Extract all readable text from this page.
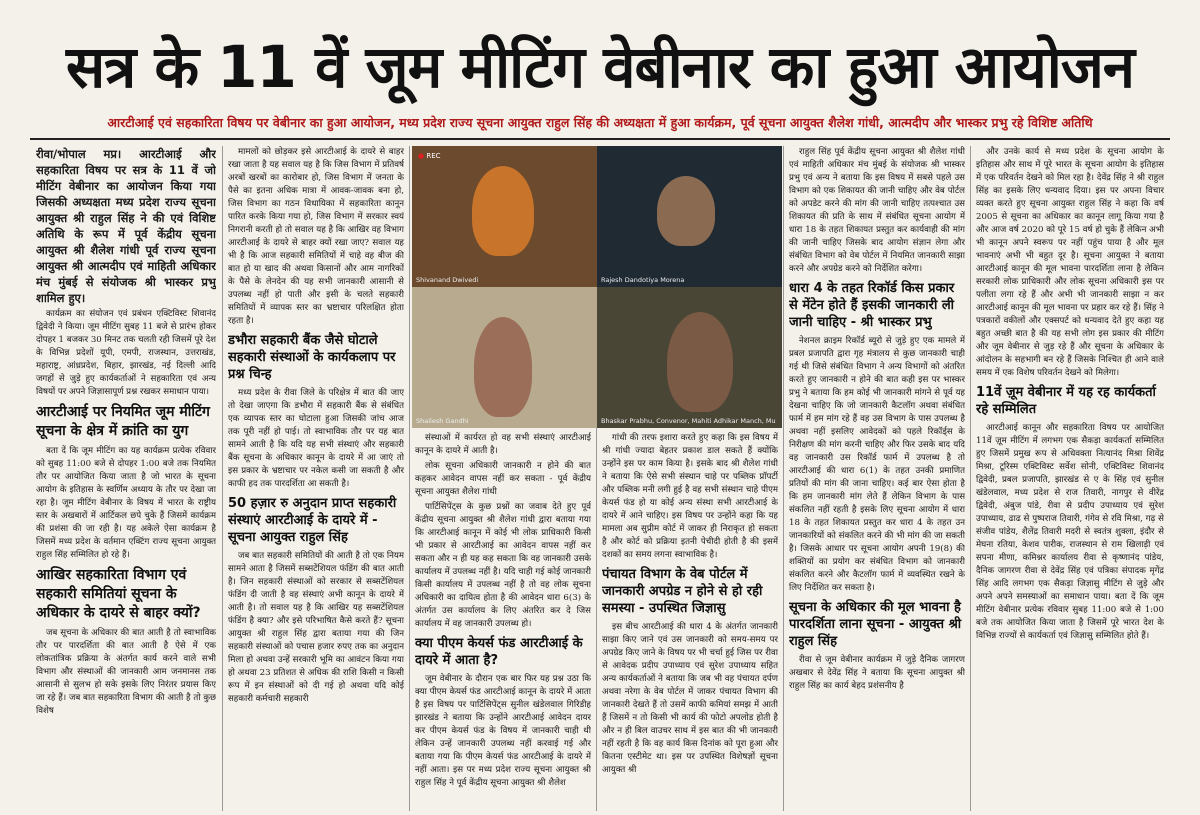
सत्र के 11 वें जूम मीटिंग वेबीनार का हुआ आयोजन
आरटीआई एवं सहकारिता विषय पर वेबीनार का हुआ आयोजन, मध्य प्रदेश राज्य सूचना आयुक्त राहुल सिंह की अध्यक्षता में हुआ कार्यक्रम, पूर्व सूचना आयुक्त शैलेश गांधी, आत्मदीप और भास्कर प्रभु रहे विशिष्ट अतिथि

रीवा/भोपाल मप्र। आरटीआई और सहकारिता विषय पर सत्र के 11 वें जो मीटिंग वेबीनार का आयोजन किया गया जिसकी अध्यक्षता मध्य प्रदेश राज्य सूचना आयुक्त श्री राहुल सिंह ने की एवं विशिष्ट अतिथि के रूप में पूर्व केंद्रीय सूचना आयुक्त श्री शैलेश गांधी पूर्व राज्य सूचना आयुक्त श्री आत्मदीप एवं माहिती अधिकार मंच मुंबई से संयोजक श्री भास्कर प्रभु शामिल हुए।

कार्यक्रम का संयोजन एवं प्रबंधन एक्टिविस्ट शिवानंद द्विवेदी ने किया। जूम मीटिंग सुबह 11 बजे से प्रारंभ होकर दोपहर 1 बजकर 30 मिनट तक चलती रही जिसमें पूरे देश के विभिन्न प्रदेशों यूपी, एमपी, राजस्थान, उत्तराखंड, महाराष्ट्र, आंध्रप्रदेश, बिहार, झारखंड, नई दिल्ली आदि जगहों से जुड़े हुए कार्यकर्ताओं ने सहकारिता एवं अन्य विषयों पर अपने जिज्ञासापूर्ण प्रश्न रखकर समाधान पाया।

आरटीआई पर नियमित जूम मीटिंग सूचना के क्षेत्र में क्रांति का युग

बता दें कि जूम मीटिंग का यह कार्यक्रम प्रत्येक रविवार को सुबह 11:00 बजे से दोपहर 1:00 बजे तक नियमित तौर पर आयोजित किया जाता है जो भारत के सूचना आयोग के इतिहास के स्वर्णिम अध्याय के तौर पर देखा जा रहा है। जूम मीटिंग वेबीनार के विषय में भारत के राष्ट्रीय स्तर के अखबारों में आर्टिकल छपे चुके हैं जिसमें कार्यक्रम की प्रशंसा की जा रही है। यह अकेले ऐसा कार्यक्रम है जिसमें मध्य प्रदेश के वर्तमान एक्टिंग राज्य सूचना आयुक्त राहुल सिंह सम्मिलित हो रहे हैं।

आखिर सहकारिता विभाग एवं सहकारी समितियां सूचना के अधिकार के दायरे से बाहर क्यों?

जब सूचना के अधिकार की बात आती है तो स्वाभाविक तौर पर पारदर्शिता की बात आती है ऐसे में एक लोकतांत्रिक प्रक्रिया के अंतर्गत कार्य करने वाले सभी विभाग और संस्थाओं की जानकारी आम जनमानस तक आसानी से सुलभ हो सके इसके लिए निरंतर प्रयास किए जा रहे हैं। जब बात सहकारिता विभाग की आती है तो कुछ विशेष

मामलों को छोड़कर इसे आरटीआई के दायरे से बाहर रखा जाता है यह सवाल यह है कि जिस विभाग में प्रतिवर्ष अरबों खरबों का कारोबार हो, जिस विभाग में जनता के पैसे का इतना अधिक मात्रा में आवक-जावक बना हो, जिस विभाग का गठन विधायिका में सहकारिता कानून पारित करके किया गया हो, जिस विभाग में सरकार स्वयं निगरानी करती हो तो सवाल यह है कि आखिर वह विभाग आरटीआई के दायरे से बाहर क्यों रखा जाए? सवाल यह भी है कि आज सहकारी समितियों में चाहे वह बीज की बात हो या खाद की अथवा किसानों और आम नागरिकों के पैसे के लेनदेन की यह सभी जानकारी आसानी से उपलब्ध नहीं हो पाती और इसी के चलते सहकारी समितियों में व्यापक स्तर का भ्रष्टाचार परिलक्षित होता रहता है।

डभौरा सहकारी बैंक जैसे घोटाले सहकारी संस्थाओं के कार्यकलाप पर प्रश्न चिन्ह

मध्य प्रदेश के रीवा जिले के परिक्षेत्र में बात की जाए तो देखा जाएगा कि डभौरा में सहकारी बैंक से संबंधित एक व्यापक स्तर का घोटाला हुआ जिसकी जांच आज तक पूरी नहीं हो पाई। तो स्वाभाविक तौर पर यह बात सामने आती है कि यदि यह सभी संस्थाएं और सहकारी बैंक सूचना के अधिकार कानून के दायरे में आ जाएं तो इस प्रकार के भ्रष्टाचार पर नकेल कसी जा सकती है और काफी हद तक पारदर्शिता आ सकती है।

50 हज़ार रु अनुदान प्राप्त सहकारी संस्थाएं आरटीआई के दायरे में - सूचना आयुक्त राहुल सिंह

जब बात सहकारी समितियों की आती है तो एक नियम सामने आता है जिसमें सब्सटेंशियल फंडिंग की बात आती है। जिन सहकारी संस्थाओं को सरकार से सब्सटेंशियल फंडिंग दी जाती है वह संस्थाएं अभी कानून के दायरे में आती है। तो सवाल यह है कि आखिर यह सब्सटेंशियल फंडिंग है क्या? और इसे परिभाषित कैसे करते हैं? सूचना आयुक्त श्री राहुल सिंह द्वारा बताया गया की जिन सहकारी संस्थाओं को पचास हजार रुपए तक का अनुदान मिला हो अथवा उन्हें सरकारी भूमि का आवंटन किया गया हो अथवा 23 प्रतिशत से अधिक की राशि किसी न किसी रूप में इन संस्थाओं को दी गई हो अथवा यदि कोई सहकारी कर्मचारी सहकारी

● REC
Shivanand Dwivedi	Rajesh Dandotiya Morena
Shailesh Gandhi	Bhaskar Prabhu, Convenor, Mahiti Adhikar Manch, Mu

संस्थाओं में कार्यरत हो वह सभी संस्थाएं आरटीआई कानून के दायरे में आती है।

लोक सूचना अधिकारी जानकारी न होने की बात कहकर आवेदन वापस नहीं कर सकता - पूर्व केंद्रीय सूचना आयुक्त शैलेश गांधी

पार्टिसिपेंट्स के कुछ प्रश्नों का जवाब देते हुए पूर्व केंद्रीय सूचना आयुक्त श्री शैलेश गांधी द्वारा बताया गया कि आरटीआई कानून में कोई भी लोक प्राधिकारी किसी भी प्रकार से आरटीआई का आवेदन वापस नहीं कर सकता और न ही यह कह सकता कि वह जानकारी उसके कार्यालय में उपलब्ध नहीं है। यदि चाही गई कोई जानकारी किसी कार्यालय में उपलब्ध नहीं है तो वह लोक सूचना अधिकारी का दायित्व होता है की आवेदन धारा 6(3) के अंतर्गत उस कार्यालय के लिए अंतरित कर दे जिस कार्यालय में वह जानकारी उपलब्ध हो।

क्या पीएम केयर्स फंड आरटीआई के दायरे में आता है?

जूम वेबीनार के दौरान एक बार फिर यह प्रश्न उठा कि क्या पीएम केयर्स फंड आरटीआई कानून के दायरे में आता है इस विषय पर पार्टिसिपेंट्स सुनील खंडेलवाल गिरिडीह झारखंड ने बताया कि उन्होंने आरटीआई आवेदन दायर कर पीएम केयर्स फंड के विषय में जानकारी चाही थी लेकिन उन्हें जानकारी उपलब्ध नहीं करवाई गई और बताया गया कि पीएम केयर्स फंड आरटीआई के दायरे में नहीं आता। इस पर मध्य प्रदेश राज्य सूचना आयुक्त श्री राहुल सिंह ने पूर्व केंद्रीय सूचना आयुक्त श्री शैलेश

गांधी की तरफ इशारा करते हुए कहा कि इस विषय में श्री गांधी ज्यादा बेहतर प्रकाश डाल सकते हैं क्योंकि उन्होंने इस पर काम किया है। इसके बाद श्री शैलेश गांधी ने बताया कि ऐसे सभी संस्थान चाहे पर पब्लिक प्रॉपर्टी और पब्लिक मनी लगी हुई है वह सभी संस्थान चाहे पीएम केयर्स फंड हो या कोई अन्य संस्था सभी आरटीआई के दायरे में आने चाहिए। इस विषय पर उन्होंने कहा कि यह मामला अब सुप्रीम कोर्ट में जाकर ही निराकृत हो सकता है और कोर्ट को प्रक्रिया इतनी पेचीदी होती है की इसमें दशकों का समय लगना स्वाभाविक है।

पंचायत विभाग के वेब पोर्टल में जानकारी अपग्रेड न होने से हो रही समस्या - उपस्थित जिज्ञासु

इस बीच आरटीआई की धारा 4 के अंतर्गत जानकारी साझा किए जाने एवं उस जानकारी को समय-समय पर अपग्रेड किए जाने के विषय पर भी चर्चा हुई जिस पर रीवा से आवेदक प्रदीप उपाध्याय एवं सुरेश उपाध्याय सहित अन्य कार्यकर्ताओं ने बताया कि जब भी वह पंचायत दर्पण अथवा नरेगा के वेब पोर्टल में जाकर पंचायत विभाग की जानकारी देखते हैं तो उसमें काफी कमियां समझ में आती हैं जिसमें न तो किसी भी कार्य की फोटो अपलोड होती है और न ही बिल वाउचर साथ में इस बात की भी जानकारी नहीं रहती है कि वह कार्य किस दिनांक को पूरा हुआ और कितना एस्टीमेट था। इस पर उपस्थित विशेषज्ञों सूचना आयुक्त श्री

राहुल सिंह पूर्व केंद्रीय सूचना आयुक्त श्री शैलेश गांधी एवं माहिती अधिकार मंच मुंबई के संयोजक श्री भास्कर प्रभु एवं अन्य ने बताया कि इस विषय में सबसे पहले उस विभाग को एक शिकायत की जानी चाहिए और वेब पोर्टल को अपडेट करने की मांग की जानी चाहिए तत्पश्चात उस शिकायत की प्रति के साथ में संबंधित सूचना आयोग में धारा 18 के तहत शिकायत प्रस्तुत कर कार्यवाही की मांग की जानी चाहिए जिसके बाद आयोग संज्ञान लेगा और संबंधित विभाग को वेब पोर्टल में नियमित जानकारी साझा करने और अपग्रेड करने को निर्देशित करेगा।

धारा 4 के तहत रिकॉर्ड किस प्रकार से मेंटेन होते हैं इसकी जानकारी ली जानी चाहिए - श्री भास्कर प्रभु

नेशनल क्राइम रिकॉर्ड ब्यूरो से जुड़े हुए एक मामले में प्रबल प्रजापति द्वारा गृह मंत्रालय से कुछ जानकारी चाही गई थी जिसे संबंधित विभाग ने अन्य विभागों को अंतरित करते हुए जानकारी न होने की बात कही इस पर भास्कर प्रभु ने बताया कि हम कोई भी जानकारी मांगने से पूर्व यह देखना चाहिए कि जो जानकारी कैटलॉग अथवा संबंधित फार्म में हम मांग रहे हैं वह उस विभाग के पास उपलब्ध है अथवा नहीं इसलिए आवेदकों को पहले रिकॉर्ड्स के निरीक्षण की मांग करनी चाहिए और फिर उसके बाद यदि वह जानकारी उस रिकॉर्ड फार्म में उपलब्ध है तो आरटीआई की धारा 6(1) के तहत उनकी प्रमाणित प्रतियों की मांग की जाना चाहिए। कई बार ऐसा होता है कि हम जानकारी मांग लेते हैं लेकिन विभाग के पास संकलित नहीं रहती है इसके लिए सूचना आयोग में धारा 18 के तहत शिकायत प्रस्तुत कर धारा 4 के तहत उन जानकारियों को संकलित करने की भी मांग की जा सकती है। जिसके आधार पर सूचना आयोग अपनी 19(8) की शक्तियों का प्रयोग कर संबंधित विभाग को जानकारी संकलित करने और कैटलॉग फार्म में व्यवस्थित रखने के लिए निर्देशित कर सकता है।

सूचना के अधिकार की मूल भावना है पारदर्शिता लाना सूचना - आयुक्त श्री राहुल सिंह

रीवा से जूम वेबीनार कार्यक्रम में जुड़े दैनिक जागरण अखबार से देवेंद्र सिंह ने बताया कि सूचना आयुक्त श्री राहुल सिंह का कार्य बेहद प्रशंसनीय है

और उनके कार्य से मध्य प्रदेश के सूचना आयोग के इतिहास और साथ में पूरे भारत के सूचना आयोग के इतिहास में एक परिवर्तन देखने को मिल रहा है। देवेंद्र सिंह ने श्री राहुल सिंह का इसके लिए धन्यवाद दिया। इस पर अपना विचार व्यक्त करते हुए सूचना आयुक्त राहुल सिंह ने कहा कि वर्ष 2005 से सूचना का अधिकार का कानून लागू किया गया है और आज वर्ष 2020 को पूरे 15 वर्ष हो चुके हैं लेकिन अभी भी कानून अपने स्वरूप पर नहीं पहुंच पाया है और मूल भावनाएं अभी भी बहुत दूर है। सूचना आयुक्त ने बताया आरटीआई कानून की मूल भावना पारदर्शिता लाना है लेकिन सरकारी लोक प्राधिकारी और लोक सूचना अधिकारी इस पर पलीता लगा रहे हैं और अभी भी जानकारी साझा न कर आरटीआई कानून की मूल भावना पर प्रहार कर रहे हैं। सिंह ने पत्रकारों वकीलों और एक्सपर्ट को धन्यवाद देते हुए कहा यह बहुत अच्छी बात है की यह सभी लोग इस प्रकार की मीटिंग और जूम वेबीनार से जुड़ रहे हैं और सूचना के अधिकार के आंदोलन के सहभागी बन रहे हैं जिसके निश्चित ही आने वाले समय में एक विशेष परिवर्तन देखने को मिलेगा।

11वें ज़ूम वेबीनार में यह रह कार्यकर्ता रहे सम्मिलित

आरटीआई कानून और सहकारिता विषय पर आयोजित 11वें ज़ूम मीटिंग में लगभग एक सैकड़ा कार्यकर्ता सम्मिलित हुए जिसमें प्रमुख रूप से अधिवक्ता नित्यानंद मिश्रा शिवेंद्र मिश्रा, टूरिस्म एक्टिविस्ट सर्वेश सोनी, एक्टिविस्ट शिवानंद द्विवेदी, प्रबल प्रजापति, झारखंड से ए के सिंह एवं सुनील खंडेलवाल, मध्य प्रदेश से राज तिवारी, नागपुर से वीरेंद्र द्विवेदी, अंबुज पांडे, रीवा से प्रदीप उपाध्याय एवं सुरेश उपाध्याय, ढाढ से पुष्पराज तिवारी, गंगेव से रवि मिश्रा, गढ़ से संजीव पांडेय, शैलेंद्र तिवारी मदरी से स्वतंत्र शुक्ला, इंदौर से मेघना रतिया, केशव पारीक, राजस्थान से राम खिलाड़ी एवं सपना मीणा, कमिश्नर कार्यालय रीवा से कृष्णानंद पांडेय, दैनिक जागरण रीवा से देवेंद्र सिंह एवं पत्रिका संपादक मृगेंद्र सिंह आदि लगभग एक सैकड़ा जिज्ञासु मीटिंग से जुड़े और अपने अपने समस्याओं का समाधान पाया। बता दें कि जूम मीटिंग वेबीनार प्रत्येक रविवार सुबह 11:00 बजे से 1:00 बजे तक आयोजित किया जाता है जिसमें पूरे भारत देश के विभिन्न राज्यों से कार्यकर्ता एवं जिज्ञासु सम्मिलित होते हैं।
